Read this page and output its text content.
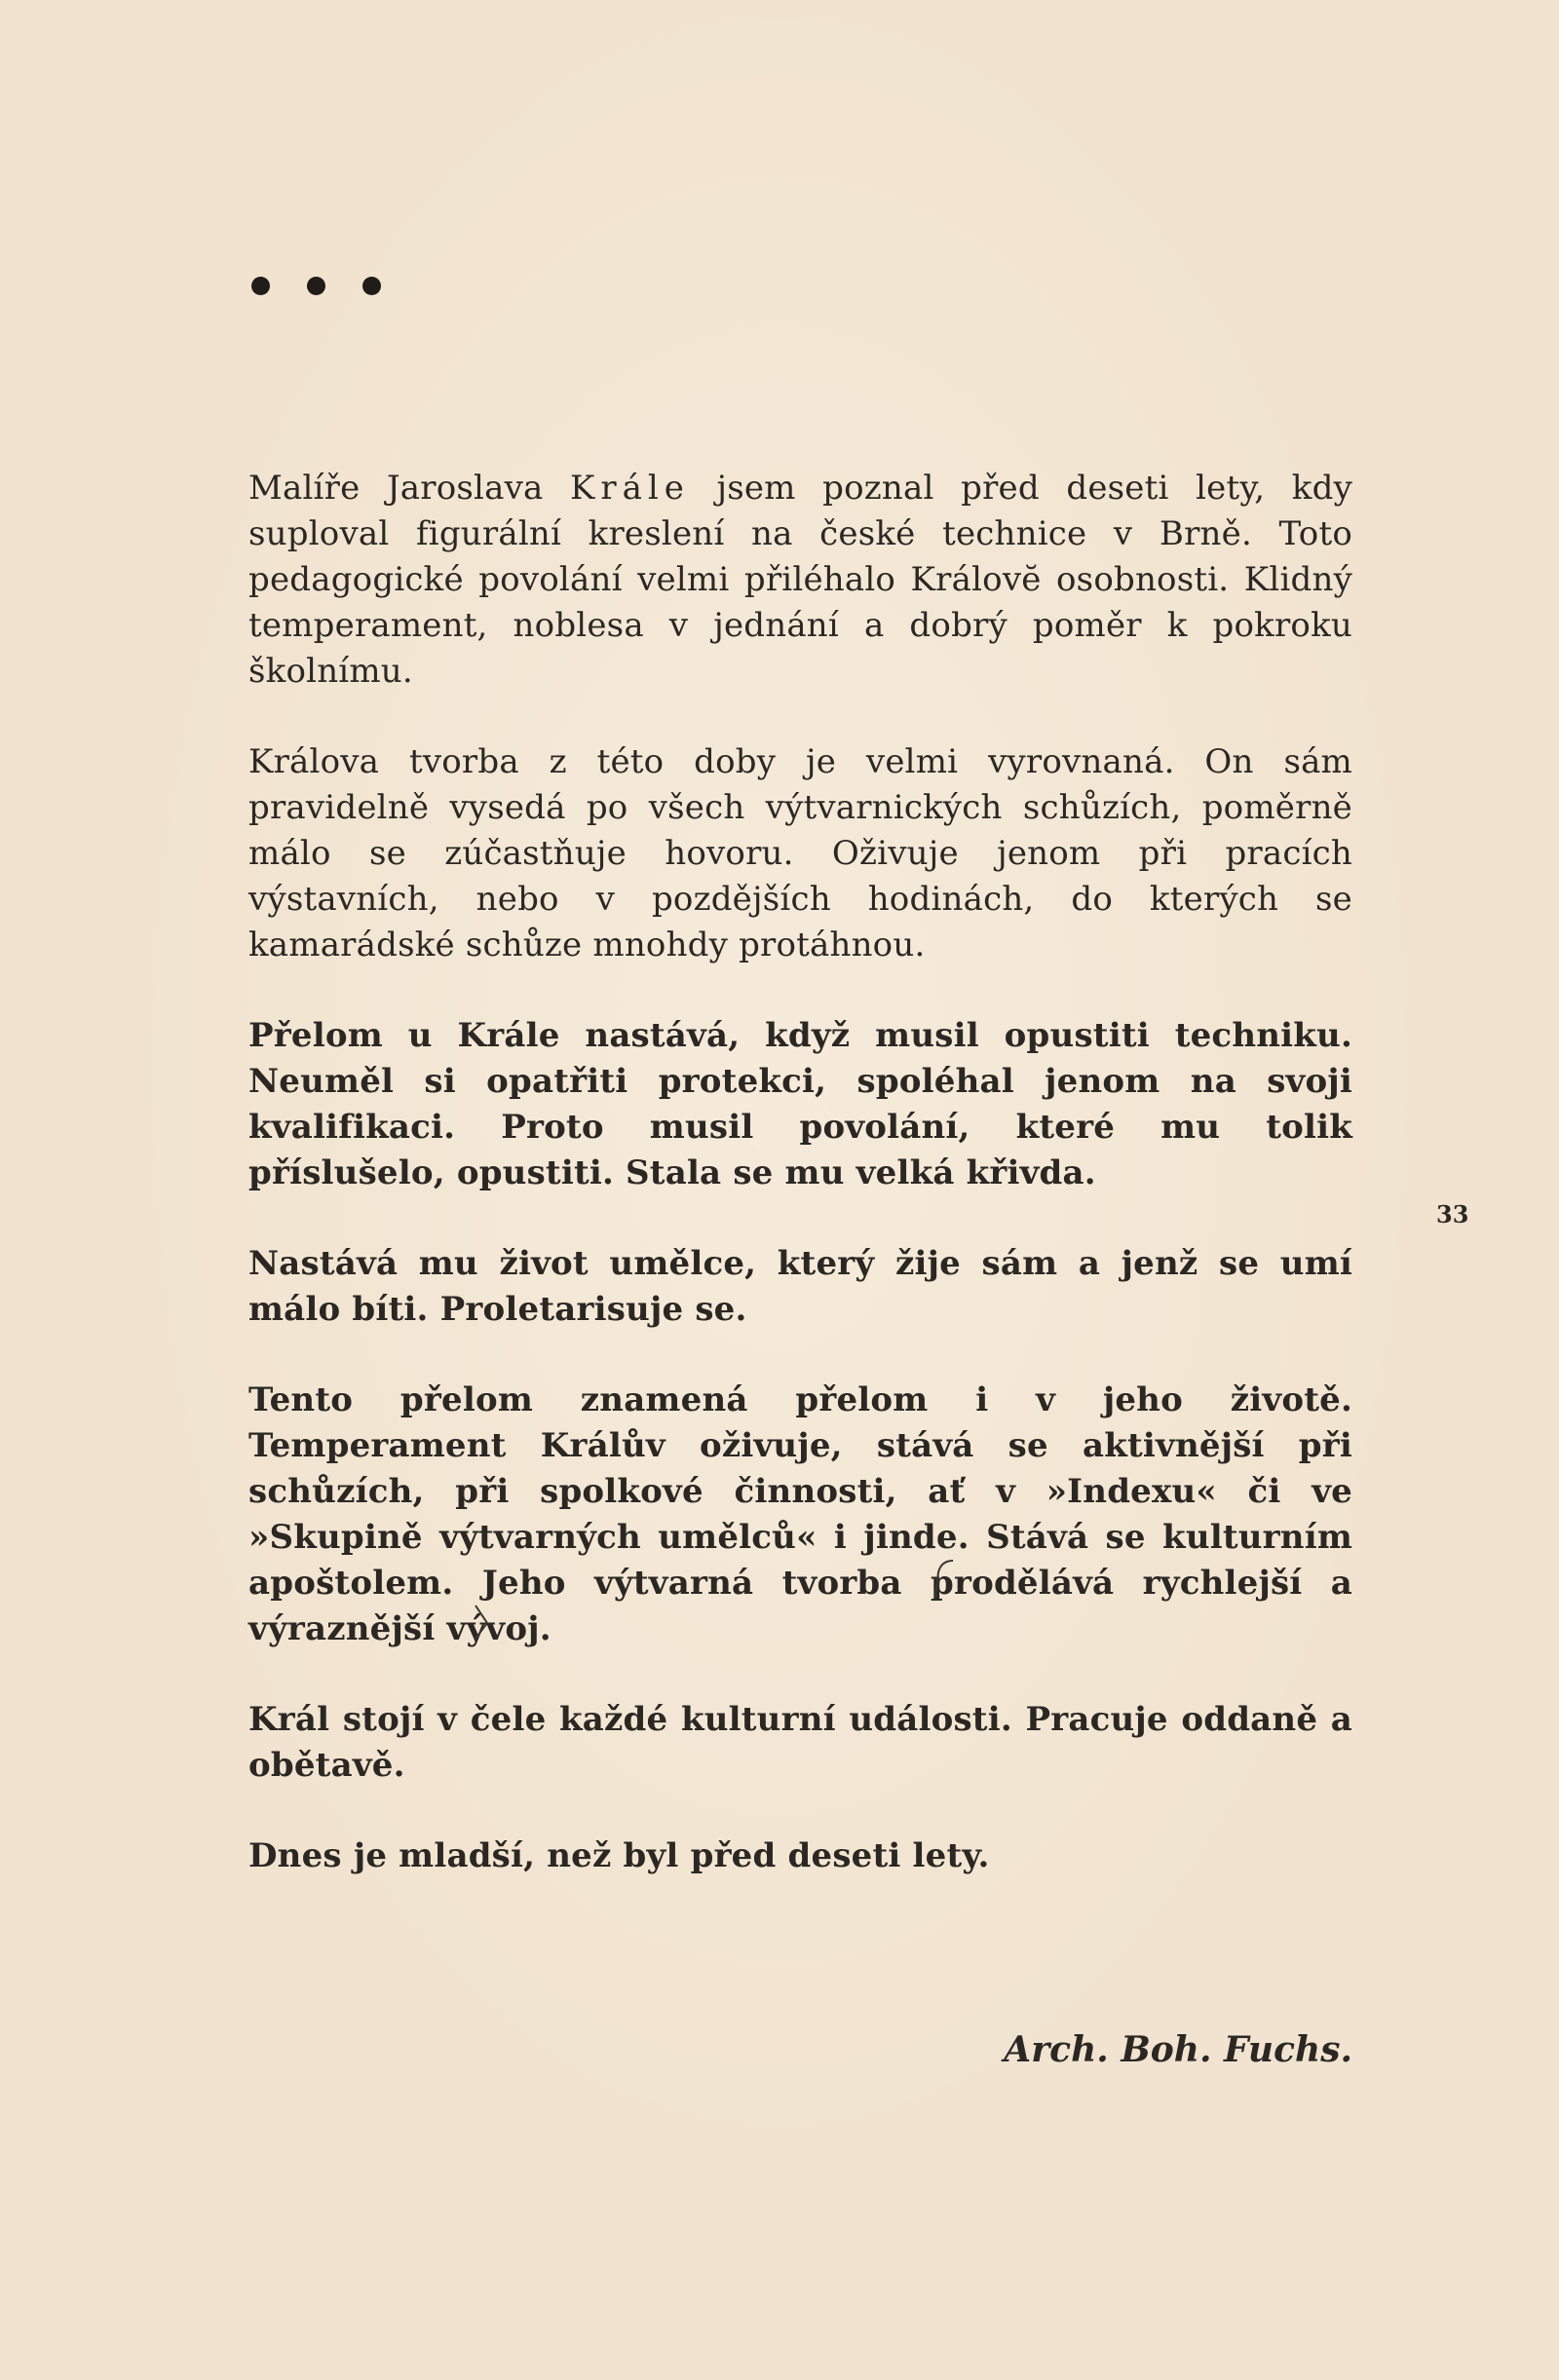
Malíře Jaroslava Krále jsem poznal před deseti lety, kdy suploval figurální kreslení na české technice v Brně. Toto pedagogické povolání velmi přiléhalo Královĕ osobnosti. Klidný temperament, noblesa v jednání a dobrý poměr k pokroku školnímu.

Králova tvorba z této doby je velmi vyrovnaná. On sám pravidelně vysedá po všech výtvarnických schůzích, poměrně málo se zúčastňuje hovoru. Oživuje jenom při pracích výstavních, nebo v pozdějších hodinách, do kterých se kamarádské schůze mnohdy protáhnou.

Přelom u Krále nastává, když musil opustiti techniku. Neuměl si opatřiti protekci, spoléhal jenom na svoji kvalifikaci. Proto musil povolání, které mu tolik příslušelo, opustiti. Stala se mu velká křivda.

Nastává mu život umělce, který žije sám a jenž se umí málo bíti. Proletarisuje se.

Tento přelom znamená přelom i v jeho životě. Temperament Králův oživuje, stává se aktivnější při schůzích, při spolkové činnosti, ať v »Indexu« či ve »Skupině výtvarných umělců« i jinde. Stává se kulturním apoštolem. Jeho výtvarná tvorba prodělává rychlejší a výraznější vývoj.

Král stojí v čele každé kulturní události. Pracuje oddaně a obětavě.

Dnes je mladší, než byl před deseti lety.

33
Arch. Boh. Fuchs.
